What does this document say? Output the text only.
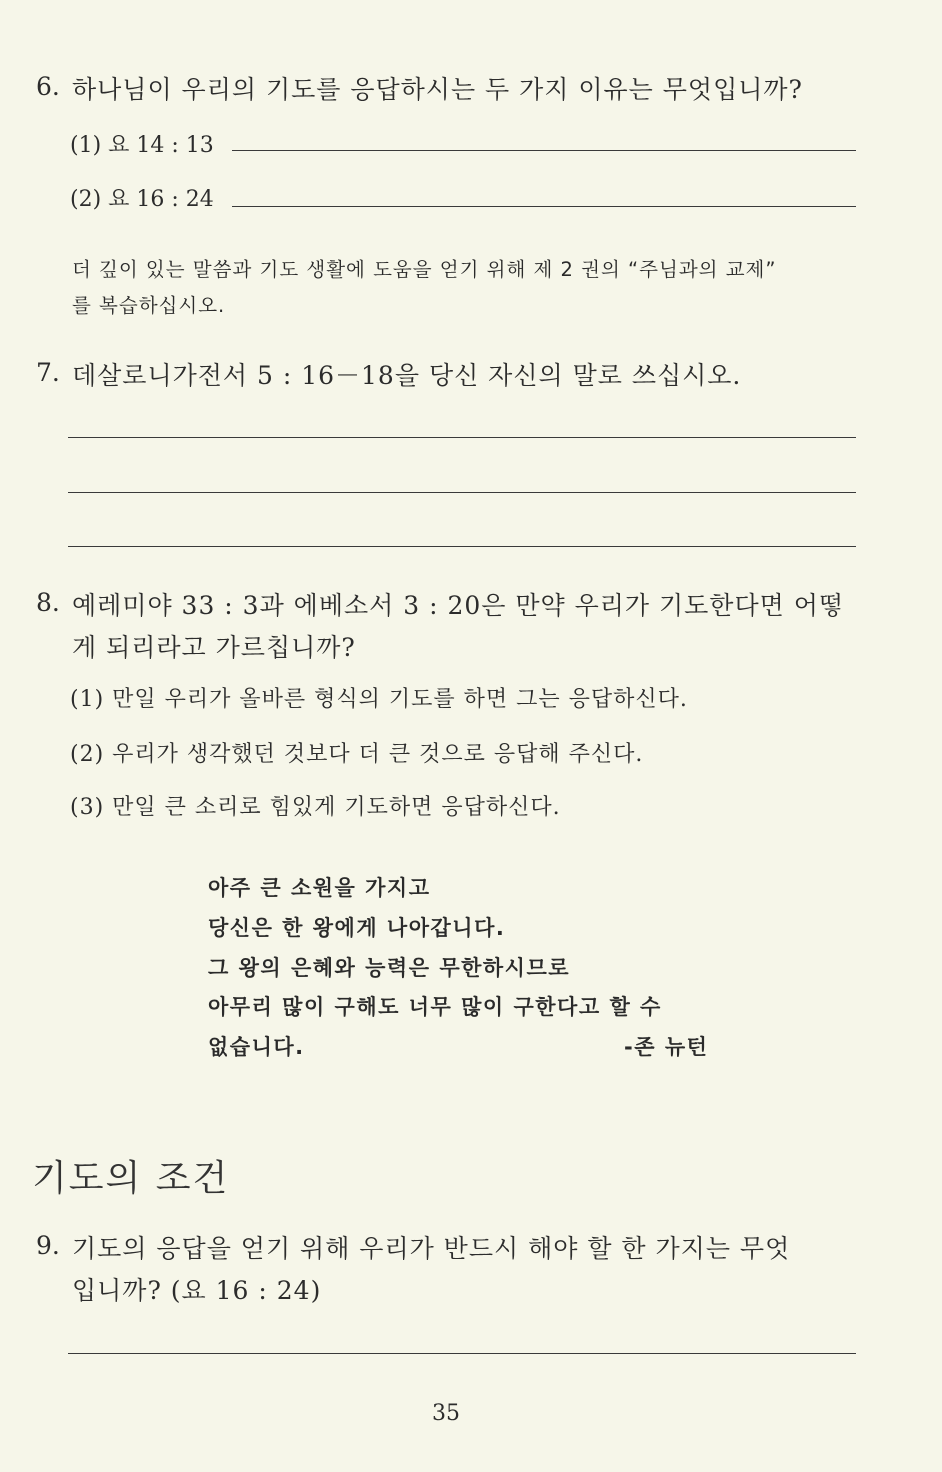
6. 하나님이 우리의 기도를 응답하시는 두 가지 이유는 무엇입니까?
(1) 요 14 : 13
(2) 요 16 : 24
더 깊이 있는 말씀과 기도 생활에 도움을 얻기 위해 제 2 권의 “주님과의 교제”
를 복습하십시오.
7. 데살로니가전서 5 : 16－18을 당신 자신의 말로 쓰십시오.
8. 예레미야 33 : 3과 에베소서 3 : 20은 만약 우리가 기도한다면 어떻
게 되리라고 가르칩니까?
(1) 만일 우리가 올바른 형식의 기도를 하면 그는 응답하신다.
(2) 우리가 생각했던 것보다 더 큰 것으로 응답해 주신다.
(3) 만일 큰 소리로 힘있게 기도하면 응답하신다.
아주 큰 소원을 가지고
당신은 한 왕에게 나아갑니다.
그 왕의 은혜와 능력은 무한하시므로
아무리 많이 구해도 너무 많이 구한다고 할 수
없습니다.	-존 뉴턴
기도의 조건
9. 기도의 응답을 얻기 위해 우리가 반드시 해야 할 한 가지는 무엇
입니까? (요 16 : 24)
35
